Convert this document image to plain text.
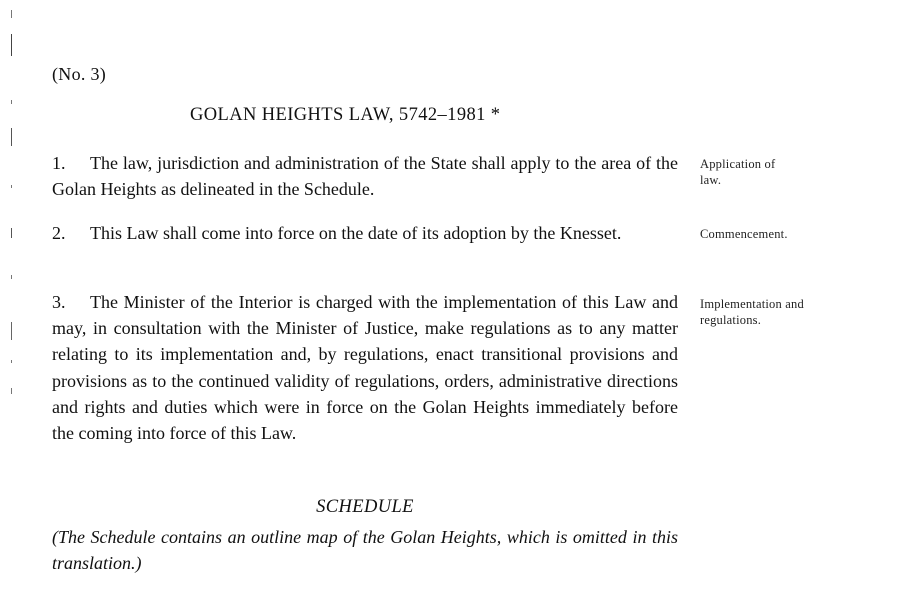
(No. 3)
GOLAN HEIGHTS LAW, 5742–1981 *
1. The law, jurisdiction and administration of the State shall apply to the area of the Golan Heights as delineated in the Schedule.
Application of law.
2. This Law shall come into force on the date of its adoption by the Knesset.	Commencement.
3. The Minister of the Interior is charged with the implementation of this Law and may, in consultation with the Minister of Justice, make regulations as to any matter relating to its implementation and, by regulations, enact transitional provisions and provisions as to the continued validity of regulations, orders, administrative directions and rights and duties which were in force on the Golan Heights immediately before the coming into force of this Law.
Implementation and regulations.
SCHEDULE
(The Schedule contains an outline map of the Golan Heights, which is omitted in this translation.)
